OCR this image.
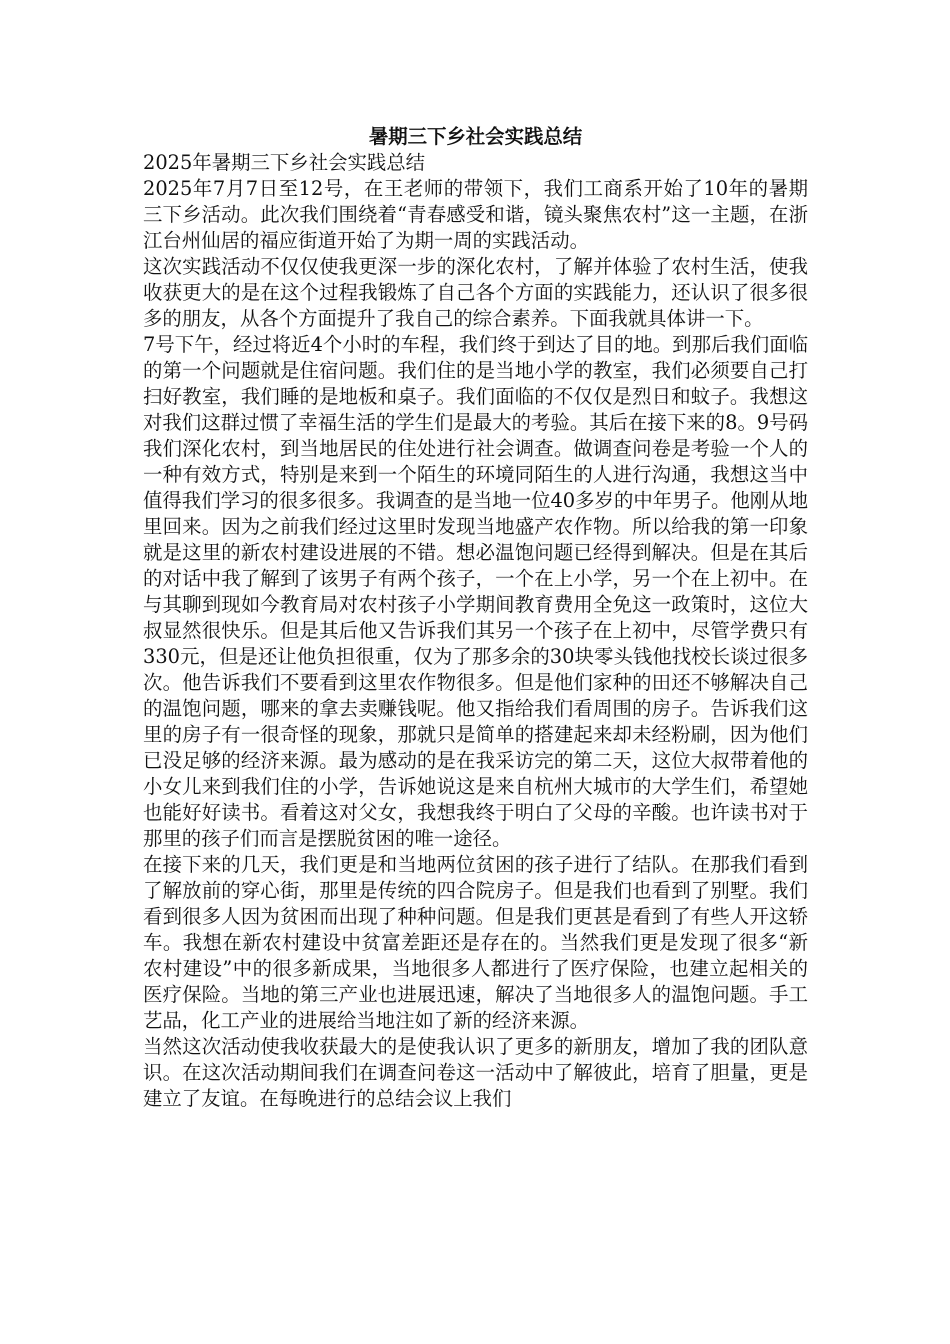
暑期三下乡社会实践总结

2025年暑期三下乡社会实践总结

2025年7月7日至12号，在王老师的带领下，我们工商系开始了10年的暑期三下乡活动。此次我们围绕着“青春感受和谐，镜头聚焦农村”这一主题，在浙江台州仙居的福应街道开始了为期一周的实践活动。

这次实践活动不仅仅使我更深一步的深化农村，了解并体验了农村生活，使我收获更大的是在这个过程我锻炼了自己各个方面的实践能力，还认识了很多很多的朋友，从各个方面提升了我自己的综合素养。下面我就具体讲一下。

7号下午，经过将近4个小时的车程，我们终于到达了目的地。到那后我们面临的第一个问题就是住宿问题。我们住的是当地小学的教室，我们必须要自己打扫好教室，我们睡的是地板和桌子。我们面临的不仅仅是烈日和蚊子。我想这对我们这群过惯了幸福生活的学生们是最大的考验。其后在接下来的8。9号码我们深化农村，到当地居民的住处进行社会调查。做调查问卷是考验一个人的一种有效方式，特别是来到一个陌生的环境同陌生的人进行沟通，我想这当中值得我们学习的很多很多。我调查的是当地一位40多岁的中年男子。他刚从地里回来。因为之前我们经过这里时发现当地盛产农作物。所以给我的第一印象就是这里的新农村建设进展的不错。想必温饱问题已经得到解决。但是在其后的对话中我了解到了该男子有两个孩子，一个在上小学，另一个在上初中。在与其聊到现如今教育局对农村孩子小学期间教育费用全免这一政策时，这位大叔显然很快乐。但是其后他又告诉我们其另一个孩子在上初中，尽管学费只有330元，但是还让他负担很重，仅为了那多余的30块零头钱他找校长谈过很多次。他告诉我们不要看到这里农作物很多。但是他们家种的田还不够解决自己的温饱问题，哪来的拿去卖赚钱呢。他又指给我们看周围的房子。告诉我们这里的房子有一很奇怪的现象，那就只是简单的搭建起来却未经粉刷，因为他们已没足够的经济来源。最为感动的是在我采访完的第二天，这位大叔带着他的小女儿来到我们住的小学，告诉她说这是来自杭州大城市的大学生们，希望她也能好好读书。看着这对父女，我想我终于明白了父母的辛酸。也许读书对于那里的孩子们而言是摆脱贫困的唯一途径。

在接下来的几天，我们更是和当地两位贫困的孩子进行了结队。在那我们看到了解放前的穿心街，那里是传统的四合院房子。但是我们也看到了别墅。我们看到很多人因为贫困而出现了种种问题。但是我们更甚是看到了有些人开这轿车。我想在新农村建设中贫富差距还是存在的。当然我们更是发现了很多“新农村建设”中的很多新成果，当地很多人都进行了医疗保险，也建立起相关的医疗保险。当地的第三产业也进展迅速，解决了当地很多人的温饱问题。手工艺品，化工产业的进展给当地注如了新的经济来源。

当然这次活动使我收获最大的是使我认识了更多的新朋友，增加了我的团队意识。在这次活动期间我们在调查问卷这一活动中了解彼此，培育了胆量，更是建立了友谊。在每晚进行的总结会议上我们
